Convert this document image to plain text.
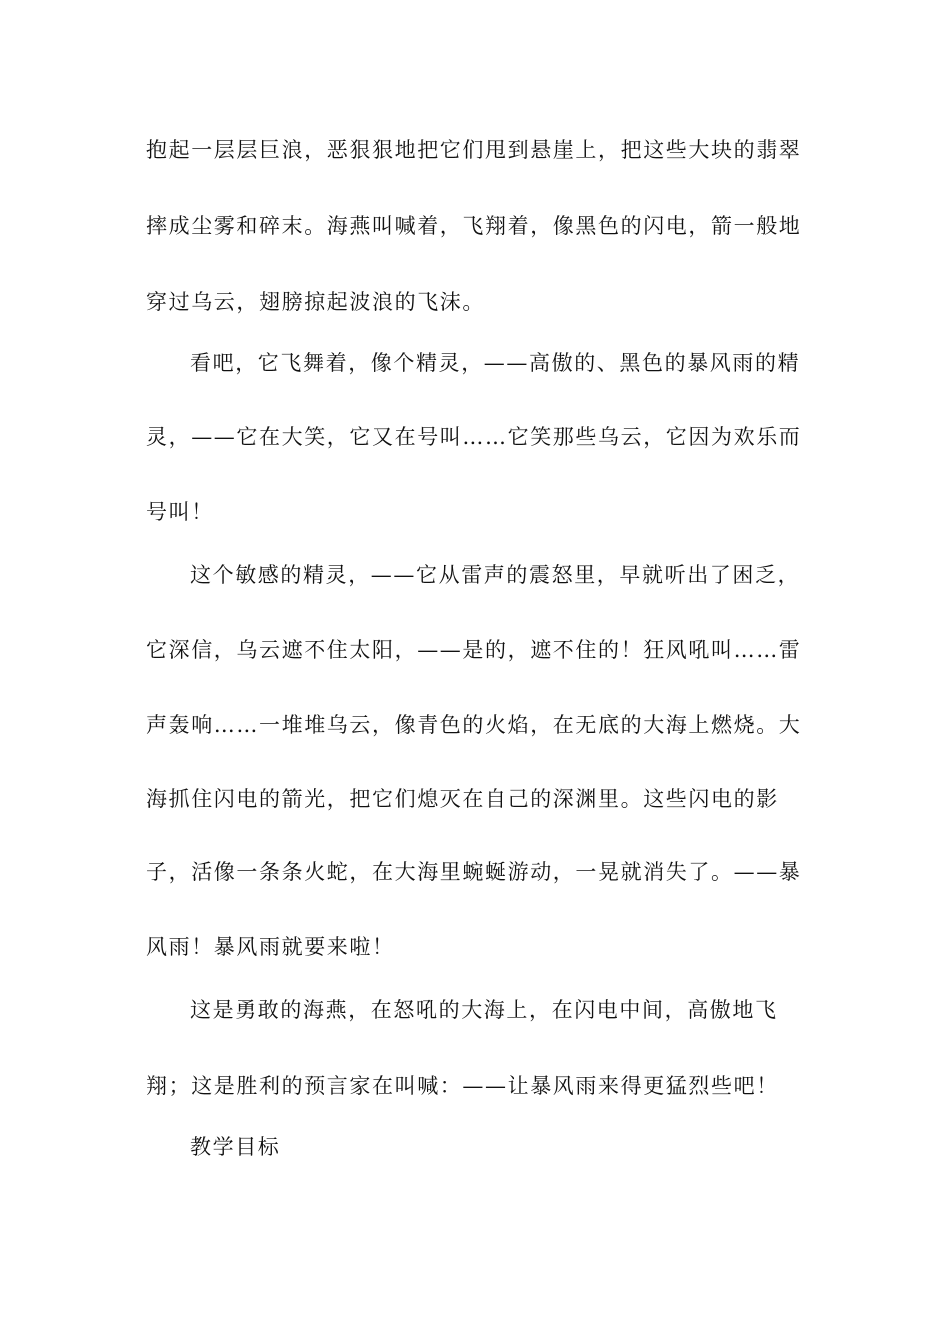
抱起一层层巨浪，恶狠狠地把它们甩到悬崖上，把这些大块的翡翠
摔成尘雾和碎末。海燕叫喊着，飞翔着，像黑色的闪电，箭一般地
穿过乌云，翅膀掠起波浪的飞沫。
看吧，它飞舞着，像个精灵，——高傲的、黑色的暴风雨的精
灵，——它在大笑，它又在号叫……它笑那些乌云，它因为欢乐而
号叫！
这个敏感的精灵，——它从雷声的震怒里，早就听出了困乏，
它深信，乌云遮不住太阳，——是的，遮不住的！狂风吼叫……雷
声轰响……一堆堆乌云，像青色的火焰，在无底的大海上燃烧。大
海抓住闪电的箭光，把它们熄灭在自己的深渊里。这些闪电的影
子，活像一条条火蛇，在大海里蜿蜒游动，一晃就消失了。——暴
风雨！暴风雨就要来啦！
这是勇敢的海燕，在怒吼的大海上，在闪电中间，高傲地飞
翔；这是胜利的预言家在叫喊：——让暴风雨来得更猛烈些吧！
教学目标
